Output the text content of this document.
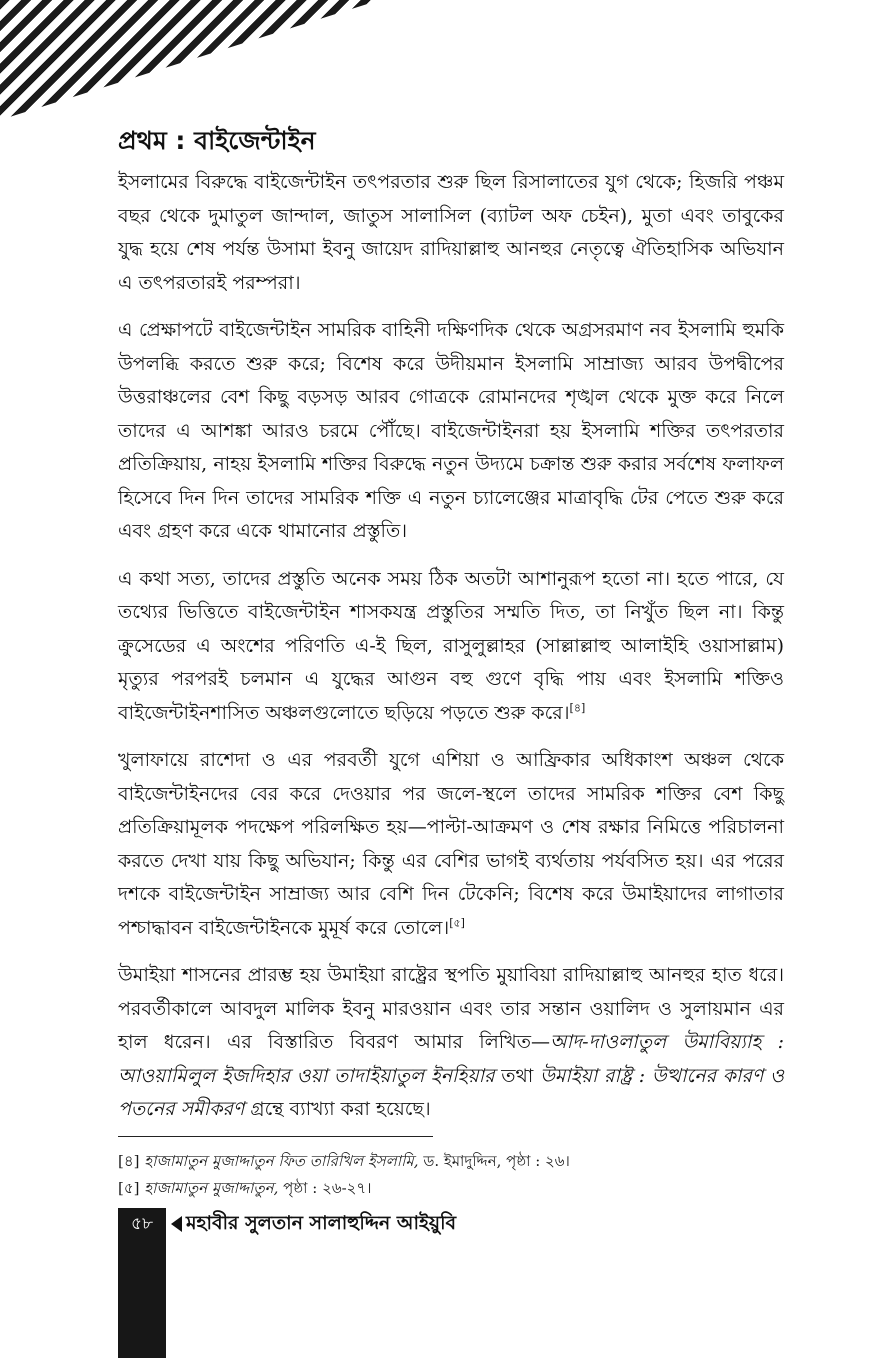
প্রথম : বাইজেন্টাইন

ইসলামের বিরুদ্ধে বাইজেন্টাইন তৎপরতার শুরু ছিল রিসালাতের যুগ থেকে; হিজরি পঞ্চম বছর থেকে দুমাতুল জান্দাল, জাতুস সালাসিল (ব্যাটল অফ চেইন), মুতা এবং তাবুকের যুদ্ধ হয়ে শেষ পর্যন্ত উসামা ইবনু জায়েদ রাদিয়াল্লাহু আনহুর নেতৃত্বে ঐতিহাসিক অভিযান এ তৎপরতারই পরম্পরা।

এ প্রেক্ষাপটে বাইজেন্টাইন সামরিক বাহিনী দক্ষিণদিক থেকে অগ্রসরমাণ নব ইসলামি হুমকি উপলব্ধি করতে শুরু করে; বিশেষ করে উদীয়মান ইসলামি সাম্রাজ্য আরব উপদ্বীপের উত্তরাঞ্চলের বেশ কিছু বড়সড় আরব গোত্রকে রোমানদের শৃঙ্খল থেকে মুক্ত করে নিলে তাদের এ আশঙ্কা আরও চরমে পৌঁছে। বাইজেন্টাইনরা হয় ইসলামি শক্তির তৎপরতার প্রতিক্রিয়ায়, নাহয় ইসলামি শক্তির বিরুদ্ধে নতুন উদ্যমে চক্রান্ত শুরু করার সর্বশেষ ফলাফল হিসেবে দিন দিন তাদের সামরিক শক্তি এ নতুন চ্যালেঞ্জের মাত্রাবৃদ্ধি টের পেতে শুরু করে এবং গ্রহণ করে একে থামানোর প্রস্তুতি।

এ কথা সত্য, তাদের প্রস্তুতি অনেক সময় ঠিক অতটা আশানুরূপ হতো না। হতে পারে, যে তথ্যের ভিত্তিতে বাইজেন্টাইন শাসকযন্ত্র প্রস্তুতির সম্মতি দিত, তা নিখুঁত ছিল না। কিন্তু ক্রুসেডের এ অংশের পরিণতি এ-ই ছিল, রাসুলুল্লাহর (সাল্লাল্লাহু আলাইহি ওয়াসাল্লাম) মৃত্যুর পরপরই চলমান এ যুদ্ধের আগুন বহু গুণে বৃদ্ধি পায় এবং ইসলামি শক্তিও বাইজেন্টাইনশাসিত অঞ্চলগুলোতে ছড়িয়ে পড়তে শুরু করে।[৪]

খুলাফায়ে রাশেদা ও এর পরবর্তী যুগে এশিয়া ও আফ্রিকার অধিকাংশ অঞ্চল থেকে বাইজেন্টাইনদের বের করে দেওয়ার পর জলে-স্থলে তাদের সামরিক শক্তির বেশ কিছু প্রতিক্রিয়ামূলক পদক্ষেপ পরিলক্ষিত হয়—পাল্টা-আক্রমণ ও শেষ রক্ষার নিমিত্তে পরিচালনা করতে দেখা যায় কিছু অভিযান; কিন্তু এর বেশির ভাগই ব্যর্থতায় পর্যবসিত হয়। এর পরের দশকে বাইজেন্টাইন সাম্রাজ্য আর বেশি দিন টেকেনি; বিশেষ করে উমাইয়াদের লাগাতার পশ্চাদ্ধাবন বাইজেন্টাইনকে মুমূর্ষ করে তোলে।[৫]

উমাইয়া শাসনের প্রারম্ভ হয় উমাইয়া রাষ্ট্রের স্থপতি মুয়াবিয়া রাদিয়াল্লাহু আনহুর হাত ধরে। পরবর্তীকালে আবদুল মালিক ইবনু মারওয়ান এবং তার সন্তান ওয়ালিদ ও সুলায়মান এর হাল ধরেন। এর বিস্তারিত বিবরণ আমার লিখিত—আদ-দাওলাতুল উমাবিয়্যাহ : আওয়ামিলুল ইজদিহার ওয়া তাদাইয়াতুল ইনহিয়ার তথা উমাইয়া রাষ্ট্র : উত্থানের কারণ ও পতনের সমীকরণ গ্রন্থে ব্যাখ্যা করা হয়েছে।

[৪] হাজামাতুন মুজাদ্দাতুন ফিত তারিখিল ইসলামি, ড. ইমাদুদ্দিন, পৃষ্ঠা : ২৬।

[৫] হাজামাতুন মুজাদ্দাতুন, পৃষ্ঠা : ২৬-২৭।

৫৮	মহাবীর সুলতান সালাহুদ্দিন আইয়ুবি
